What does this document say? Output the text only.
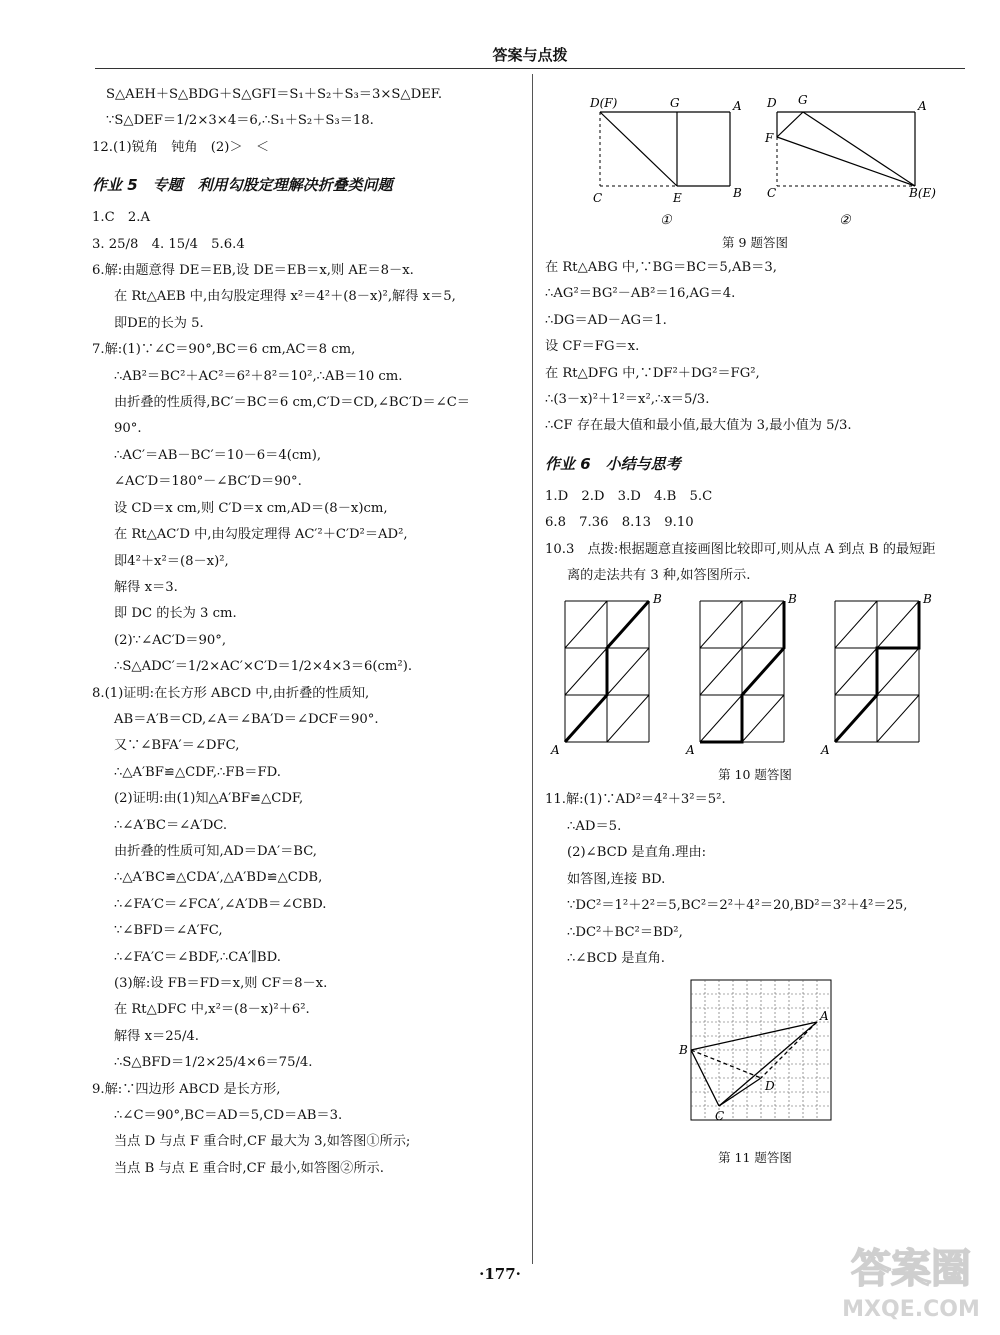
答案与点拨
S△AEH＋S△BDG＋S△GFI＝S₁＋S₂＋S₃＝3×S△DEF.
∵S△DEF＝1/2×3×4＝6,∴S₁＋S₂＋S₃＝18.
12.(1)锐角　钝角　(2)＞　＜
作业 5　专题　利用勾股定理解决折叠类问题
1.C　2.A
3. 25/8　4. 15/4　5.6.4
6.解:由题意得 DE＝EB,设 DE＝EB＝x,则 AE＝8－x.
在 Rt△AEB 中,由勾股定理得 x²＝4²＋(8－x)²,解得 x＝5,
即DE的长为 5.
7.解:(1)∵∠C＝90°,BC＝6 cm,AC＝8 cm,
∴AB²＝BC²＋AC²＝6²＋8²＝10²,∴AB＝10 cm.
由折叠的性质得,BC′＝BC＝6 cm,C′D＝CD,∠BC′D＝∠C＝
90°.
∴AC′＝AB－BC′＝10－6＝4(cm),
∠AC′D＝180°－∠BC′D＝90°.
设 CD＝x cm,则 C′D＝x cm,AD＝(8－x)cm,
在 Rt△AC′D 中,由勾股定理得 AC′²＋C′D²＝AD²,
即4²＋x²＝(8－x)²,
解得 x＝3.
即 DC 的长为 3 cm.
(2)∵∠AC′D＝90°,
∴S△ADC′＝1/2×AC′×C′D＝1/2×4×3＝6(cm²).
8.(1)证明:在长方形 ABCD 中,由折叠的性质知,
AB＝A′B＝CD,∠A＝∠BA′D＝∠DCF＝90°.
又∵∠BFA′＝∠DFC,
∴△A′BF≌△CDF,∴FB＝FD.
(2)证明:由(1)知△A′BF≌△CDF,
∴∠A′BC＝∠A′DC.
由折叠的性质可知,AD＝DA′＝BC,
∴△A′BC≌△CDA′,△A′BD≌△CDB,
∴∠FA′C＝∠FCA′,∠A′DB＝∠CBD.
∵∠BFD＝∠A′FC,
∴∠FA′C＝∠BDF,∴CA′∥BD.
(3)解:设 FB＝FD＝x,则 CF＝8－x.
在 Rt△DFC 中,x²＝(8－x)²＋6².
解得 x＝25/4.
∴S△BFD＝1/2×25/4×6＝75/4.
9.解:∵四边形 ABCD 是长方形,
∴∠C＝90°,BC＝AD＝5,CD＝AB＝3.
当点 D 与点 F 重合时,CF 最大为 3,如答图①所示;
当点 B 与点 E 重合时,CF 最小,如答图②所示.
D(F)	G	A
C	E	B
①
D G	A
F
C	B(E)
②
第 9 题答图
在 Rt△ABG 中,∵BG＝BC＝5,AB＝3,
∴AG²＝BG²－AB²＝16,AG＝4.
∴DG＝AD－AG＝1.
设 CF＝FG＝x.
在 Rt△DFG 中,∵DF²＋DG²＝FG²,
∴(3－x)²＋1²＝x²,∴x＝5/3.
∴CF 存在最大值和最小值,最大值为 3,最小值为 5/3.
作业 6　小结与思考
1.D　2.D　3.D　4.B　5.C
6.8　7.36　8.13　9.10
10.3　点拨:根据题意直接画图比较即可,则从点 A 到点 B 的最短距
离的走法共有 3 种,如答图所示.
A
B
A
B
A
B
第 10 题答图
11.解:(1)∵AD²＝4²＋3²＝5².
∴AD＝5.
(2)∠BCD 是直角.理由:
如答图,连接 BD.
∵DC²＝1²＋2²＝5,BC²＝2²＋4²＝20,BD²＝3²＋4²＝25,
∴DC²＋BC²＝BD²,
∴∠BCD 是直角.
A
B
C
D
第 11 题答图
·177·	答案圈
MXQE.COM
